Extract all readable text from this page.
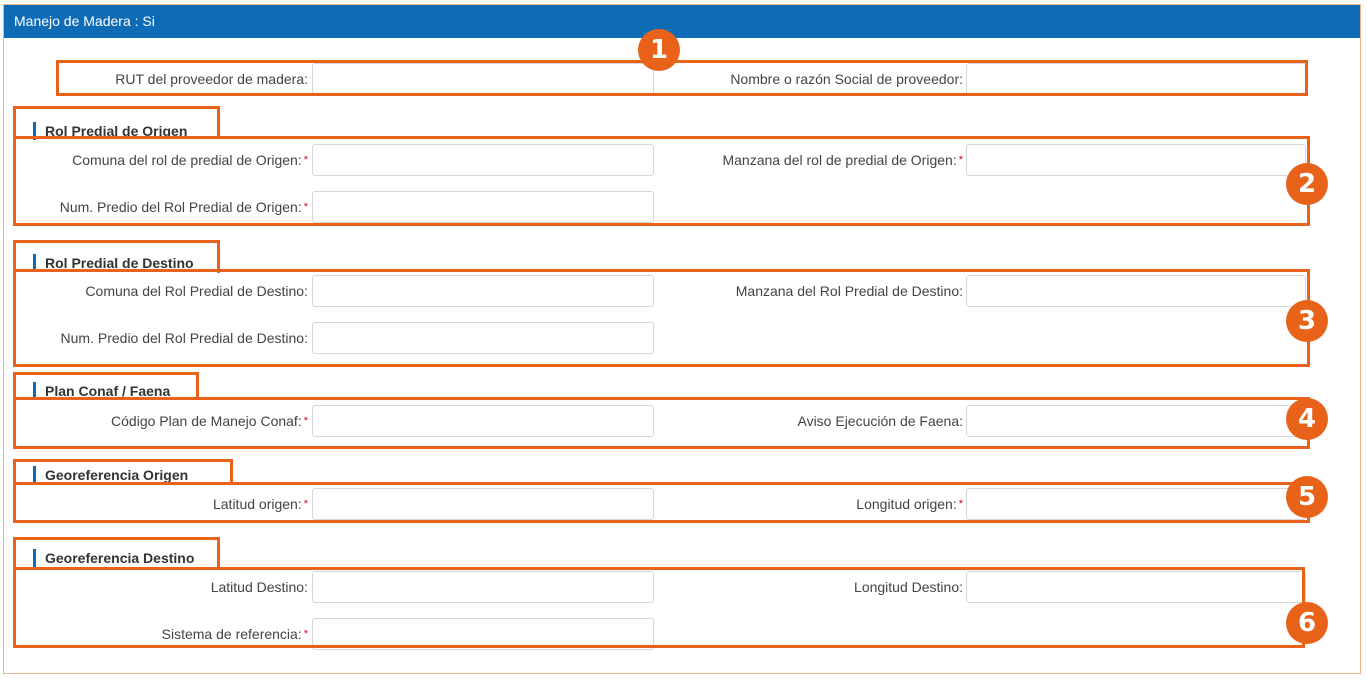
Manejo de Madera : Si
RUT del proveedor de madera:	Nombre o razón Social de proveedor:
Rol Predial de Origen
Comuna del rol de predial de Origen: *	Manzana del rol de predial de Origen: *
Num. Predio del Rol Predial de Origen: *
Rol Predial de Destino
Comuna del Rol Predial de Destino:	Manzana del Rol Predial de Destino:
Num. Predio del Rol Predial de Destino:
Plan Conaf / Faena
Código Plan de Manejo Conaf: *	Aviso Ejecución de Faena:
Georeferencia Origen
Latitud origen: *	Longitud origen: *
Georeferencia Destino
Latitud Destino:	Longitud Destino:
Sistema de referencia: *
1
2
3
4
5
6
